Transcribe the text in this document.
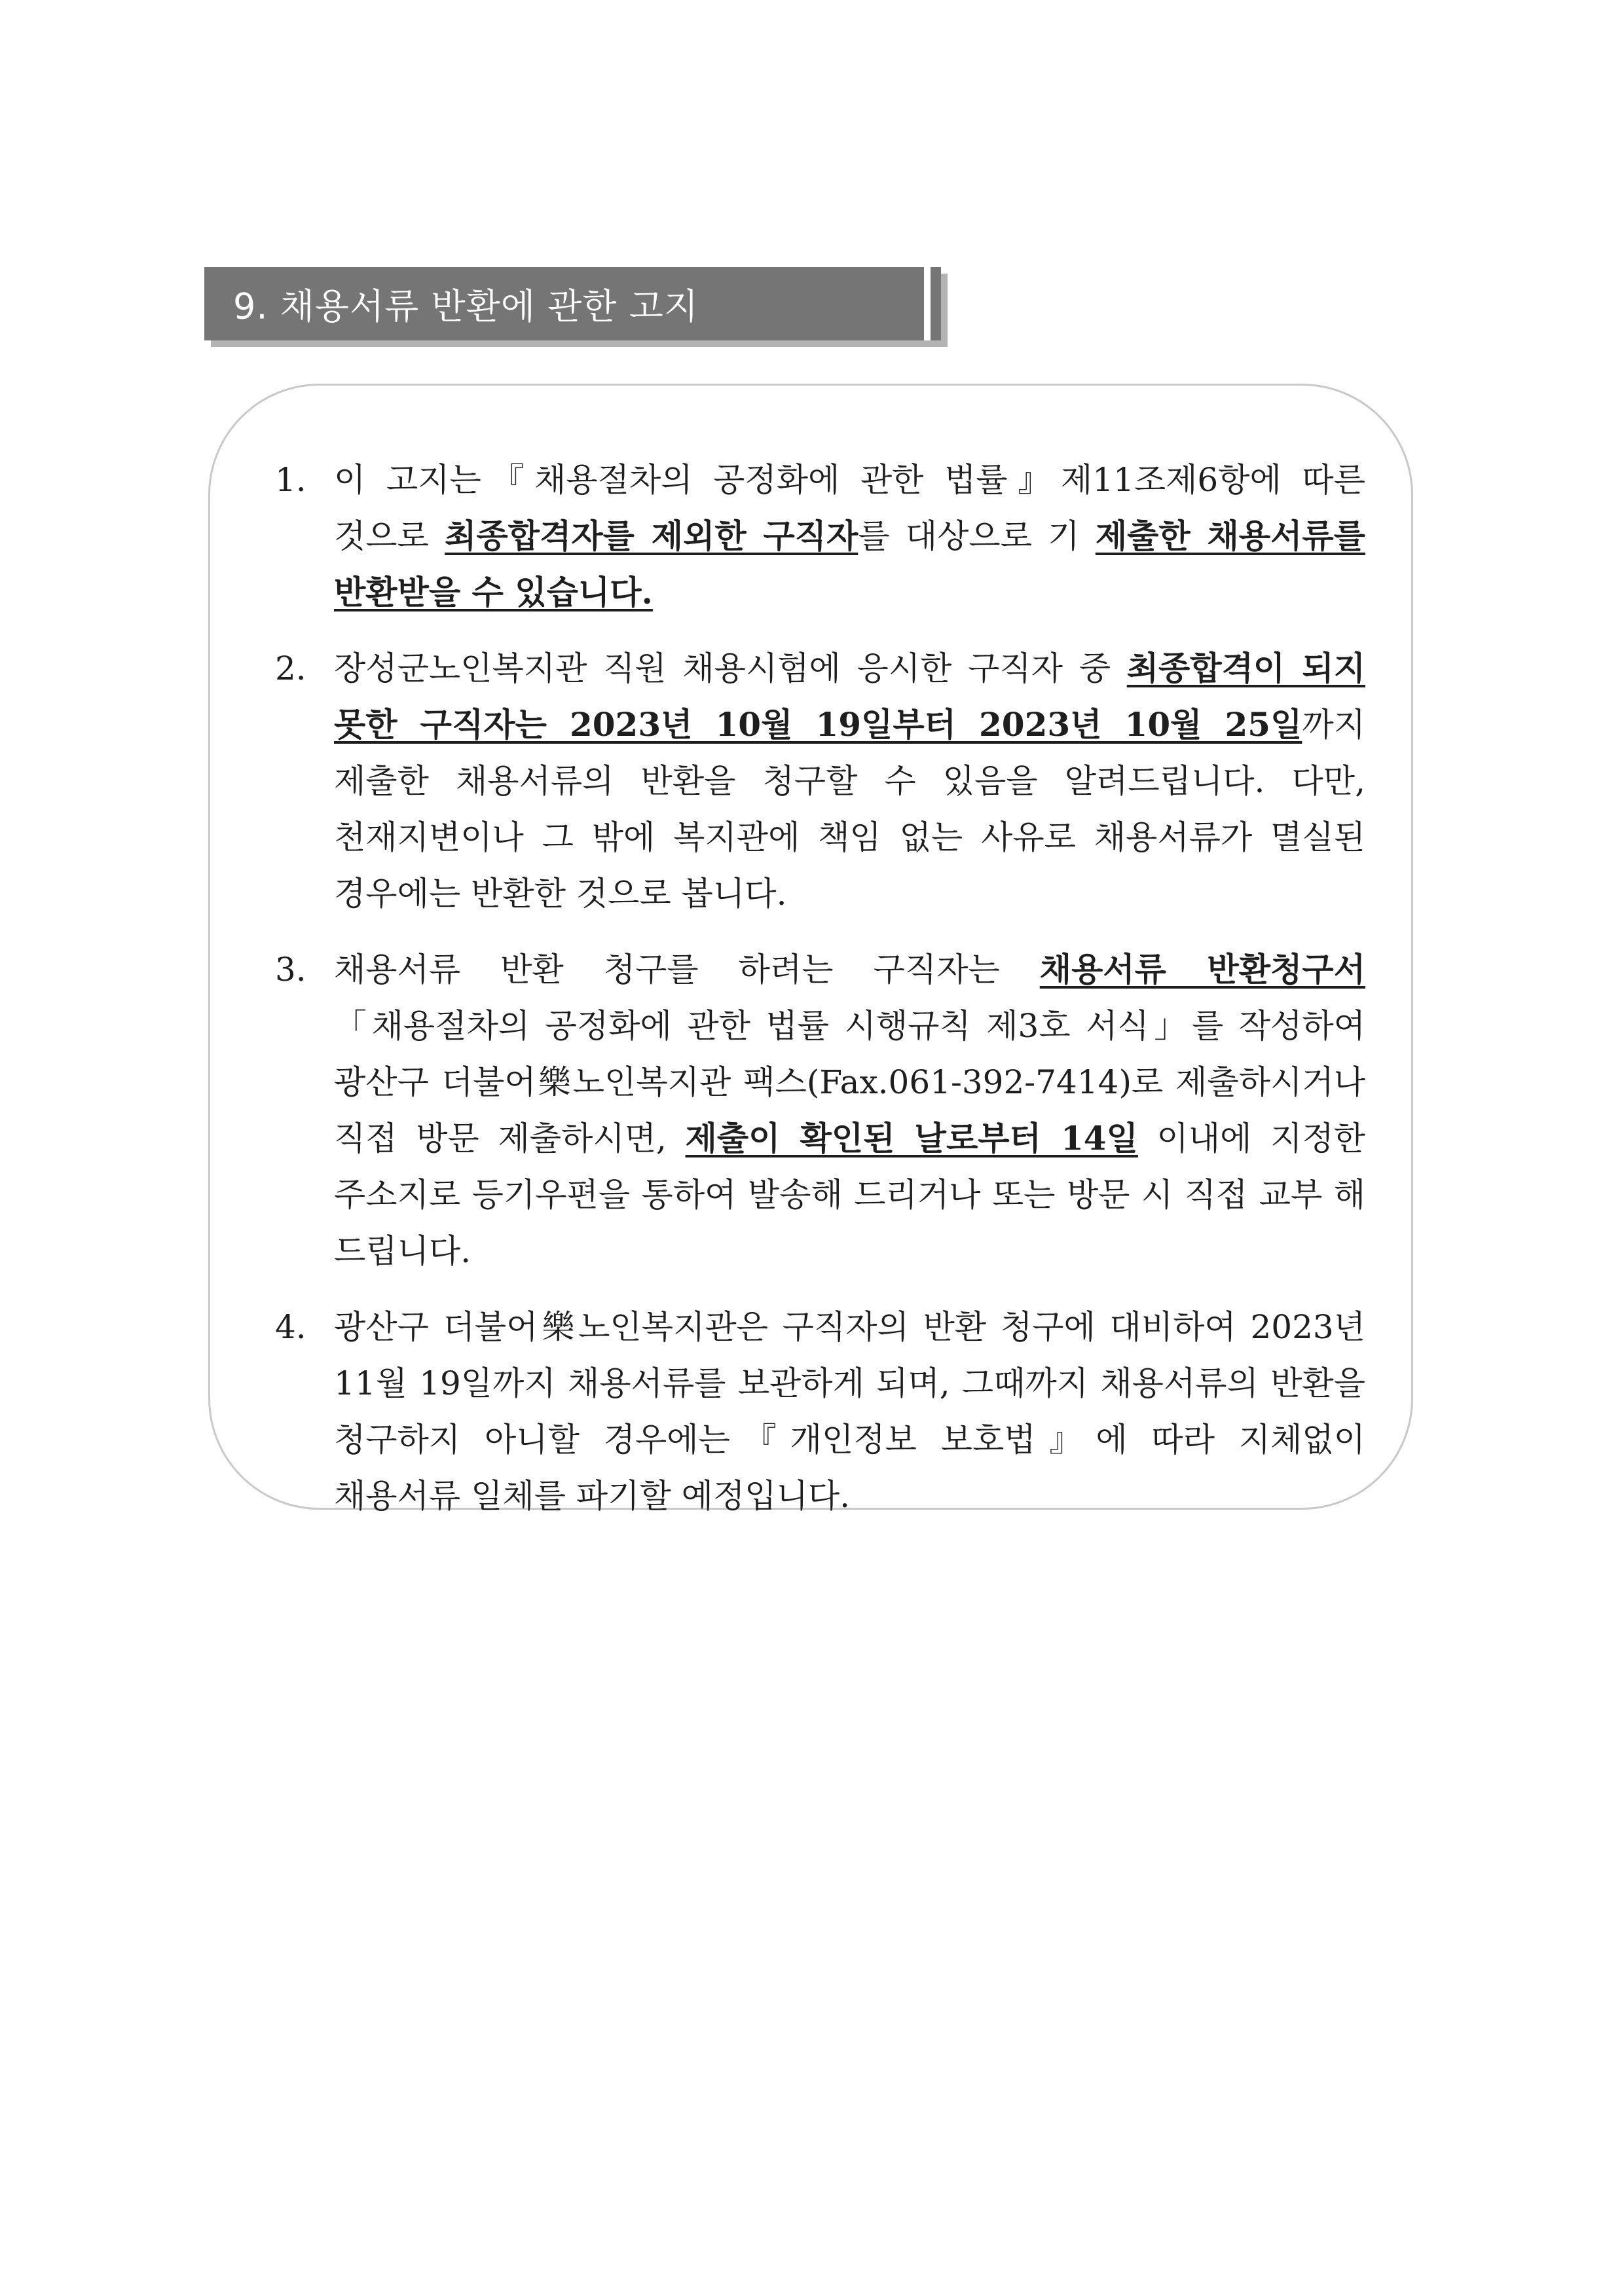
9. 채용서류 반환에 관한 고지
1. 이 고지는『채용절차의 공정화에 관한 법률』제11조제6항에 따른 것으로 최종합격자를 제외한 구직자를 대상으로 기 제출한 채용서류를 반환받을 수 있습니다.
2. 장성군노인복지관 직원 채용시험에 응시한 구직자 중 최종합격이 되지 못한 구직자는 2023년 10월 19일부터 2023년 10월 25일까지 제출한 채용서류의 반환을 청구할 수 있음을 알려드립니다. 다만, 천재지변이나 그 밖에 복지관에 책임 없는 사유로 채용서류가 멸실된 경우에는 반환한 것으로 봅니다.
3. 채용서류 반환 청구를 하려는 구직자는 채용서류 반환청구서「채용절차의 공정화에 관한 법률 시행규칙 제3호 서식」를 작성하여 광산구 더불어樂노인복지관 팩스(Fax.061-392-7414)로 제출하시거나 직접 방문 제출하시면, 제출이 확인된 날로부터 14일 이내에 지정한 주소지로 등기우편을 통하여 발송해 드리거나 또는 방문 시 직접 교부 해 드립니다.
4. 광산구 더불어樂노인복지관은 구직자의 반환 청구에 대비하여 2023년 11월 19일까지 채용서류를 보관하게 되며, 그때까지 채용서류의 반환을 청구하지 아니할 경우에는『개인정보 보호법』에 따라 지체없이 채용서류 일체를 파기할 예정입니다.
